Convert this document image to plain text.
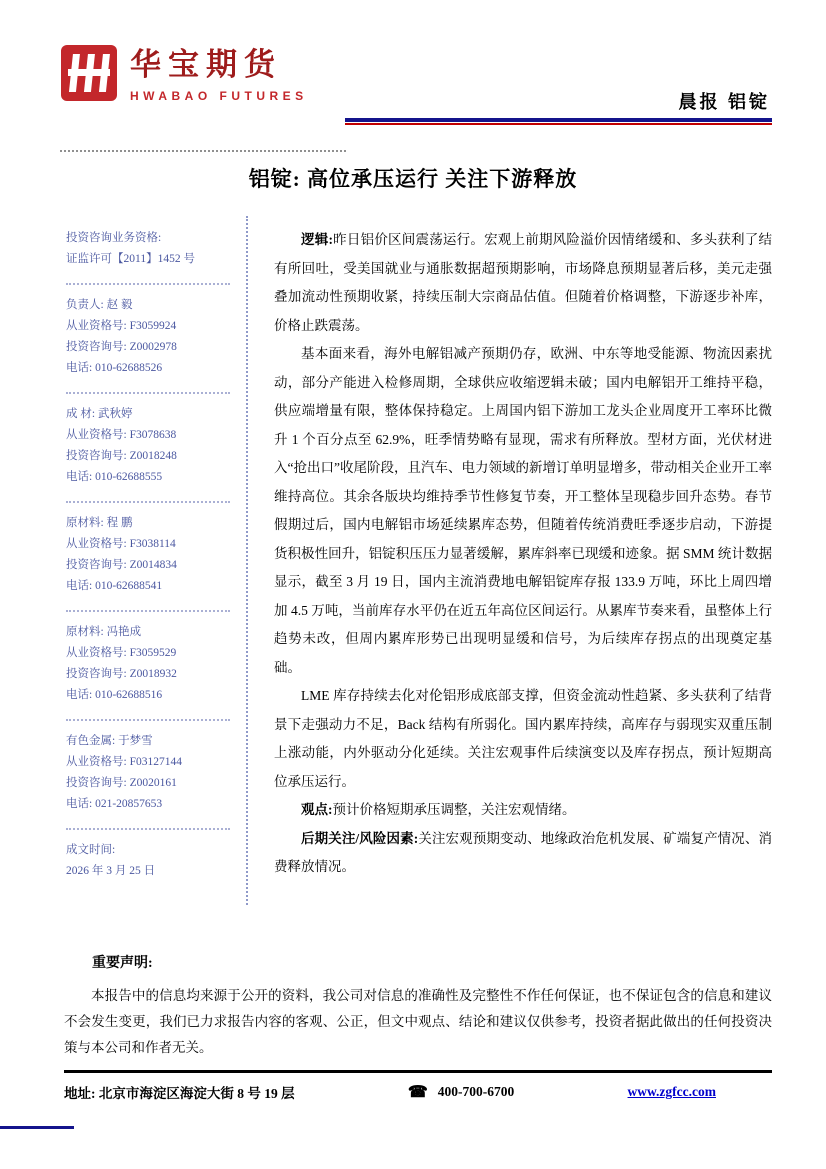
华宝期货
HWABAO FUTURES	晨报 铝锭
铝锭: 高位承压运行 关注下游释放
投资咨询业务资格:
证监许可【2011】1452 号
负责人: 赵 毅
从业资格号: F3059924
投资咨询号: Z0002978
电话: 010-62688526
成 材: 武秋婷
从业资格号: F3078638
投资咨询号: Z0018248
电话: 010-62688555
原材料: 程 鹏
从业资格号: F3038114
投资咨询号: Z0014834
电话: 010-62688541
原材料: 冯艳成
从业资格号: F3059529
投资咨询号: Z0018932
电话: 010-62688516
有色金属: 于梦雪
从业资格号: F03127144
投资咨询号: Z0020161
电话: 021-20857653
成文时间:
2026 年 3 月 25 日

逻辑:昨日铝价区间震荡运行。宏观上前期风险溢价因情绪缓和、多头获利了结有所回吐，受美国就业与通胀数据超预期影响，市场降息预期显著后移，美元走强叠加流动性预期收紧，持续压制大宗商品估值。但随着价格调整，下游逐步补库，价格止跌震荡。

基本面来看，海外电解铝减产预期仍存，欧洲、中东等地受能源、物流因素扰动，部分产能进入检修周期，全球供应收缩逻辑未破；国内电解铝开工维持平稳，供应端增量有限，整体保持稳定。上周国内铝下游加工龙头企业周度开工率环比微升 1 个百分点至 62.9%，旺季情势略有显现，需求有所释放。型材方面，光伏材进入“抢出口”收尾阶段，且汽车、电力领域的新增订单明显增多，带动相关企业开工率维持高位。其余各版块均维持季节性修复节奏，开工整体呈现稳步回升态势。春节假期过后，国内电解铝市场延续累库态势，但随着传统消费旺季逐步启动，下游提货积极性回升，铝锭积压压力显著缓解，累库斜率已现缓和迹象。据 SMM 统计数据显示，截至 3 月 19 日，国内主流消费地电解铝锭库存报 133.9 万吨，环比上周四增加 4.5 万吨，当前库存水平仍在近五年高位区间运行。从累库节奏来看，虽整体上行趋势未改，但周内累库形势已出现明显缓和信号，为后续库存拐点的出现奠定基础。

LME 库存持续去化对伦铝形成底部支撑，但资金流动性趋紧、多头获利了结背景下走强动力不足，Back 结构有所弱化。国内累库持续，高库存与弱现实双重压制上涨动能，内外驱动分化延续。关注宏观事件后续演变以及库存拐点，预计短期高位承压运行。

观点:预计价格短期承压调整，关注宏观情绪。

后期关注/风险因素:关注宏观预期变动、地缘政治危机发展、矿端复产情况、消费释放情况。

重要声明:

本报告中的信息均来源于公开的资料，我公司对信息的准确性及完整性不作任何保证，也不保证包含的信息和建议不会发生变更，我们已力求报告内容的客观、公正，但文中观点、结论和建议仅供参考，投资者据此做出的任何投资决策与本公司和作者无关。

地址: 北京市海淀区海淀大街 8 号 19 层	☎ 400-700-6700	www.zgfcc.com
